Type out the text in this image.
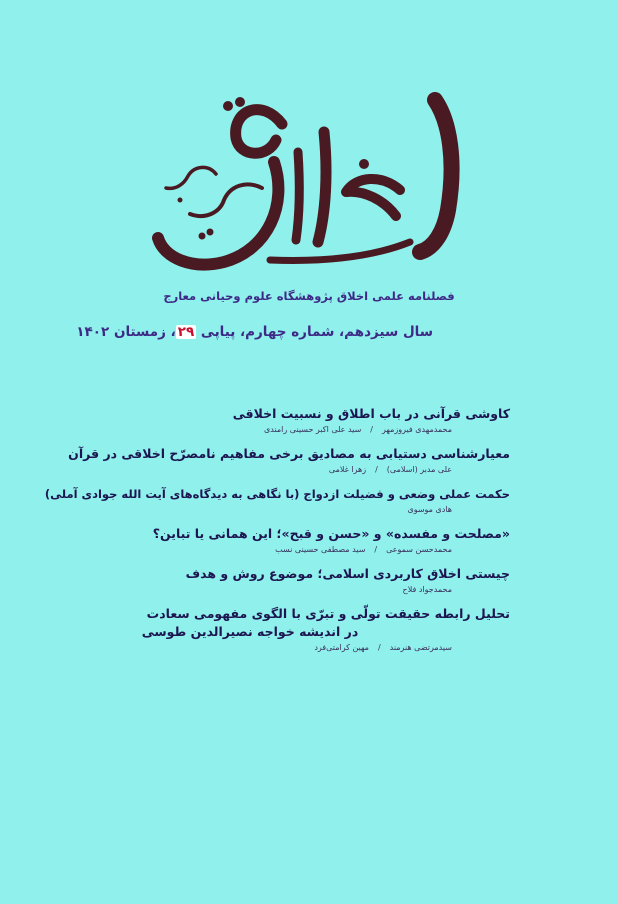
فصلنامه علمی اخلاق پژوهشگاه علوم وحیانی معارج
سال سیزدهم، شماره چهارم، پیاپی ۲۹، زمستان ۱۴۰۲
کاوشی قرآنی در باب اطلاق و نسبیت اخلاقی
محمدمهدی فیروزمهر/سید علی اکبر حسینی رامندی
معیارشناسی دستیابی به مصادیق برخی مفاهیم نامصرّح اخلاقی در قرآن
علی مدبر (اسلامی)/زهرا غلامی
حکمت عملی وضعی و فضیلت ازدواج (با نگاهی به دیدگاه‌های آیت الله جوادی آملی)
هادی موسوی
«مصلحت و مفسده» و «حسن و قبح»؛ این همانی یا تباین؟
محمدحسن سموعی/سید مصطفی حسینی نسب
چیستی اخلاق کاربردی اسلامی؛ موضوع روش و هدف
محمدجواد فلاح
تحلیل رابطه حقیقت تولّی و تبرّی با الگوی مفهومی سعادت
در اندیشه خواجه نصیرالدین طوسی
سیدمرتضی هنرمند/مهین کرامتی‌فرد
